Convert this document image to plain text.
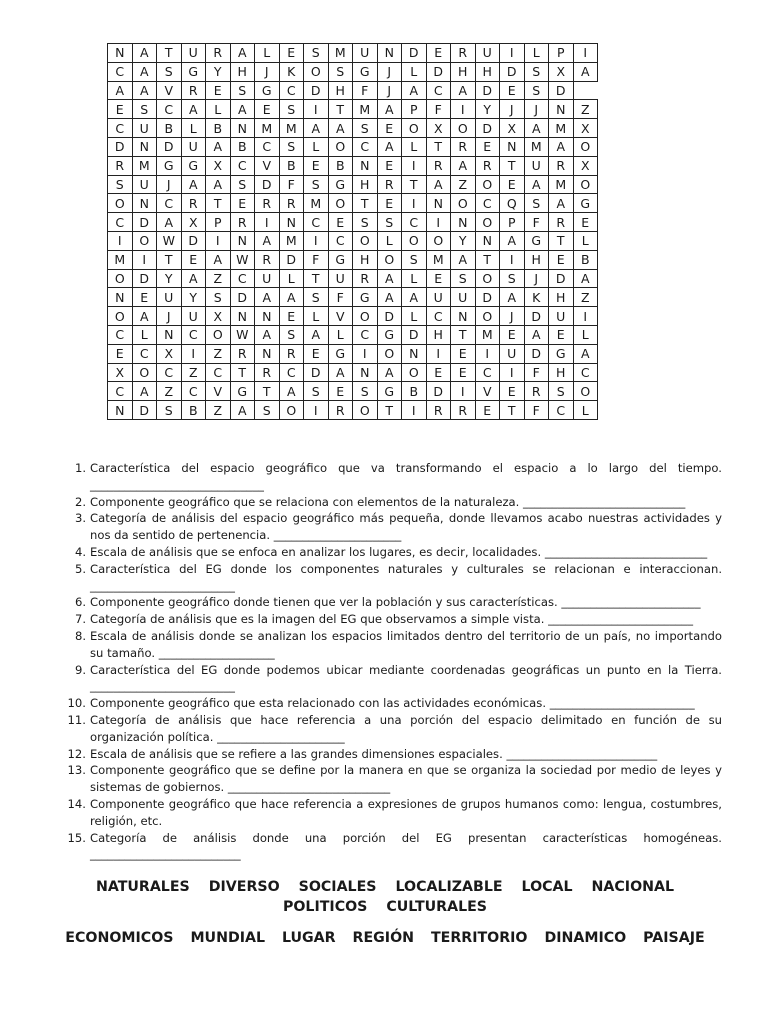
N	A	T	U	R	A	L	E	S	M	U	N	D	E	R	U	I	L	P	I
C	A	S	G	Y	H	J	K	O	S	G	J	L	D	H	H	D	S	X	A
A	A	V	R	E	S	G	C	D	H	F	J	A	C	A	D	E	S	D	
E	S	C	A	L	A	E	S	I	T	M	A	P	F	I	Y	J	J	N	Z
C	U	B	L	B	N	M	M	A	A	S	E	O	X	O	D	X	A	M	X
D	N	D	U	A	B	C	S	L	O	C	A	L	T	R	E	N	M	A	O
R	M	G	G	X	C	V	B	E	B	N	E	I	R	A	R	T	U	R	X
S	U	J	A	A	S	D	F	S	G	H	R	T	A	Z	O	E	A	M	O
O	N	C	R	T	E	R	R	M	O	T	E	I	N	O	C	Q	S	A	G
C	D	A	X	P	R	I	N	C	E	S	S	C	I	N	O	P	F	R	E
I	O	W	D	I	N	A	M	I	C	O	L	O	O	Y	N	A	G	T	L
M	I	T	E	A	W	R	D	F	G	H	O	S	M	A	T	I	H	E	B
O	D	Y	A	Z	C	U	L	T	U	R	A	L	E	S	O	S	J	D	A
N	E	U	Y	S	D	A	A	S	F	G	A	A	U	U	D	A	K	H	Z
O	A	J	U	X	N	N	E	L	V	O	D	L	C	N	O	J	D	U	I
C	L	N	C	O	W	A	S	A	L	C	G	D	H	T	M	E	A	E	L
E	C	X	I	Z	R	N	R	E	G	I	O	N	I	E	I	U	D	G	A
X	O	C	Z	C	T	R	C	D	A	N	A	O	E	E	C	I	F	H	C
C	A	Z	C	V	G	T	A	S	E	S	G	B	D	I	V	E	R	S	O
N	D	S	B	Z	A	S	O	I	R	O	T	I	R	R	E	T	F	C	L
1. Característica del espacio geográfico que va transformando el espacio a lo largo del tiempo. ______________________________
2. Componente geográfico que se relaciona con elementos de la naturaleza. ____________________________
3. Categoría de análisis del espacio geográfico más pequeña, donde llevamos acabo nuestras actividades y nos da sentido de pertenencia. ______________________
4. Escala de análisis que se enfoca en analizar los lugares, es decir, localidades. ____________________________
5. Característica del EG donde los componentes naturales y culturales se relacionan e interaccionan. _________________________
6. Componente geográfico donde tienen que ver la población y sus características. ________________________
7. Categoría de análisis que es la imagen del EG que observamos a simple vista. _________________________
8. Escala de análisis donde se analizan los espacios limitados dentro del territorio de un país, no importando su tamaño. ____________________
9. Característica del EG donde podemos ubicar mediante coordenadas geográficas un punto en la Tierra. _________________________
10. Componente geográfico que esta relacionado con las actividades económicas. _________________________
11. Categoría de análisis que hace referencia a una porción del espacio delimitado en función de su organización política. ______________________
12. Escala de análisis que se refiere a las grandes dimensiones espaciales. __________________________
13. Componente geográfico que se define por la manera en que se organiza la sociedad por medio de leyes y sistemas de gobiernos. ____________________________
14. Componente geográfico que hace referencia a expresiones de grupos humanos como: lengua, costumbres, religión, etc.
15. Categoría de análisis donde una porción del EG presentan características homogéneas. __________________________
NATURALES DIVERSO SOCIALES LOCALIZABLE LOCAL NACIONAL POLITICOS CULTURALES
ECONOMICOS MUNDIAL LUGAR REGIÓN TERRITORIO DINAMICO PAISAJE
